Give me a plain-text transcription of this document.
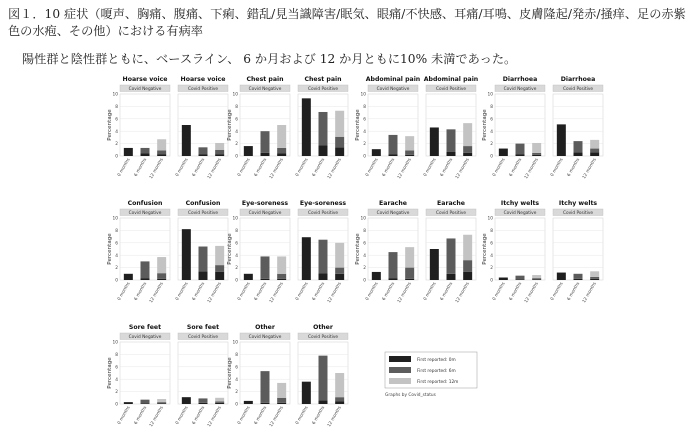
図１．10 症状（嗄声、胸痛、腹痛、下痢、錯乱/見当識障害/眠気、眼痛/不快感、耳痛/耳鳴、皮膚隆起/発赤/掻痒、足の赤紫色の水疱、その他）における有病率

陽性群と陰性群ともに、ベースライン、 6 か月および 12 か月ともに10% 未満であった。

Percentage
Hoarse voice
Covid Negative
0
2
4
6
8
10
0 months 6 months 12 months
Hoarse voice
Covid Positive
0 months 6 months 12 months
Percentage
Chest pain
Covid Negative
0
2
4
6
8
10
0 months 6 months 12 months
Chest pain
Covid Positive
0 months 6 months 12 months
Percentage
Abdominal pain
Covid Negative
0
2
4
6
8
10
0 months 6 months 12 months
Abdominal pain
Covid Positive
0 months 6 months 12 months
Percentage
Diarrhoea
Covid Negative
0
2
4
6
8
10
0 months 6 months 12 months
Diarrhoea
Covid Positive
0 months 6 months 12 months
Percentage
Confusion
Covid Negative
0
2
4
6
8
10
0 months 6 months 12 months
Confusion
Covid Positive
0 months 6 months 12 months
Percentage
Eye-soreness
Covid Negative
0
2
4
6
8
10
0 months 6 months 12 months
Eye-soreness
Covid Positive
0 months 6 months 12 months
Percentage
Earache
Covid Negative
0
2
4
6
8
10
0 months 6 months 12 months
Earache
Covid Positive
0 months 6 months 12 months
Percentage
Itchy welts
Covid Negative
0
2
4
6
8
10
0 months 6 months 12 months
Itchy welts
Covid Positive
0 months 6 months 12 months
Percentage
Sore feet
Covid Negative
0
2
4
6
8
10
0 months 6 months 12 months
Sore feet
Covid Positive
0 months 6 months 12 months
Percentage
Other
Covid Negative
0
2
4
6
8
10
0 months 6 months 12 months
Other
Covid Positive
0 months 6 months 12 months
First reported: 0m
First reported: 6m
First reported: 12m
Graphs by Covid_status
